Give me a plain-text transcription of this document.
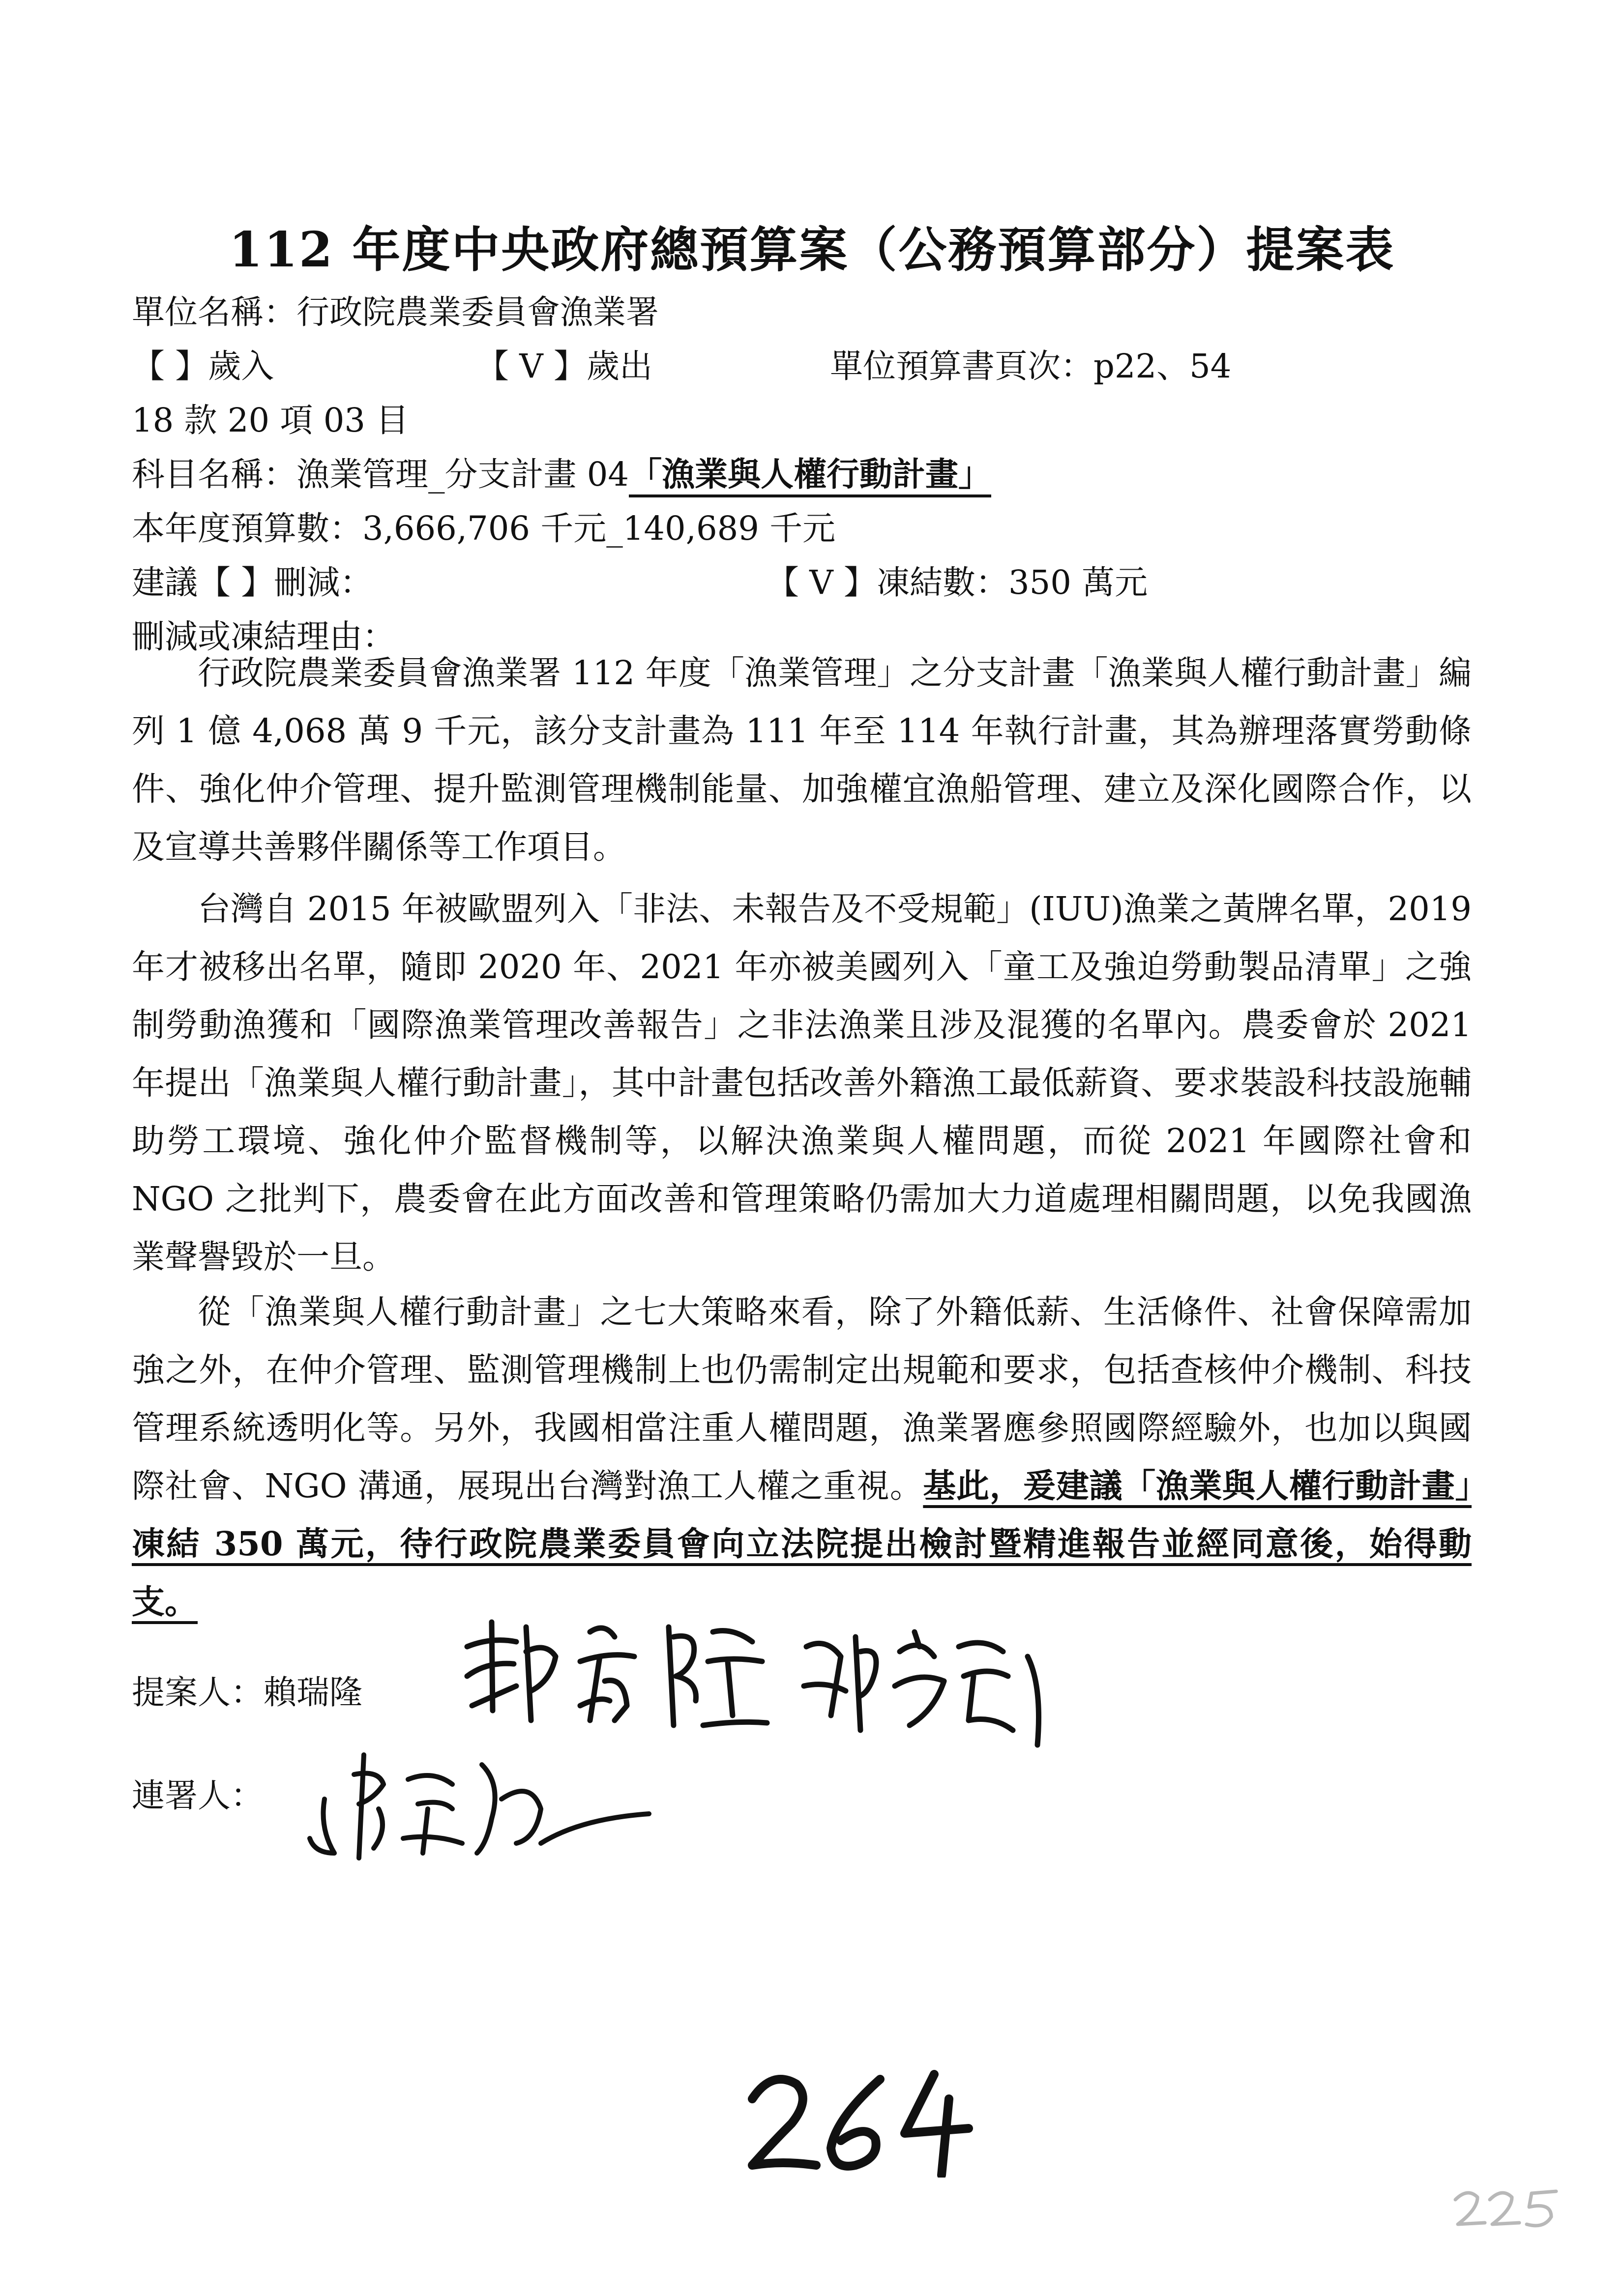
112 年度中央政府總預算案（公務預算部分）提案表
單位名稱：行政院農業委員會漁業署
【 】歲入	【 V 】歲出	單位預算書頁次：p22、54
18 款 20 項 03 目
科目名稱：漁業管理_分支計畫 04「漁業與人權行動計畫」
本年度預算數：3,666,706 千元_140,689 千元
建議【 】刪減：	【 V 】凍結數：350 萬元
刪減或凍結理由：

行政院農業委員會漁業署 112 年度「漁業管理」之分支計畫「漁業與人權行動計畫」編列 1 億 4,068 萬 9 千元，該分支計畫為 111 年至 114 年執行計畫，其為辦理落實勞動條件、強化仲介管理、提升監測管理機制能量、加強權宜漁船管理、建立及深化國際合作，以及宣導共善夥伴關係等工作項目。

台灣自 2015 年被歐盟列入「非法、未報告及不受規範」(IUU)漁業之黃牌名單，2019 年才被移出名單，隨即 2020 年、2021 年亦被美國列入「童工及強迫勞動製品清單」之強制勞動漁獲和「國際漁業管理改善報告」之非法漁業且涉及混獲的名單內。農委會於 2021 年提出「漁業與人權行動計畫」，其中計畫包括改善外籍漁工最低薪資、要求裝設科技設施輔助勞工環境、強化仲介監督機制等，以解決漁業與人權問題，而從 2021 年國際社會和 NGO 之批判下，農委會在此方面改善和管理策略仍需加大力道處理相關問題，以免我國漁業聲譽毀於一旦。

從「漁業與人權行動計畫」之七大策略來看，除了外籍低薪、生活條件、社會保障需加強之外，在仲介管理、監測管理機制上也仍需制定出規範和要求，包括查核仲介機制、科技管理系統透明化等。另外，我國相當注重人權問題，漁業署應參照國際經驗外，也加以與國際社會、NGO 溝通，展現出台灣對漁工人權之重視。基此，爰建議「漁業與人權行動計畫」凍結 350 萬元，待行政院農業委員會向立法院提出檢討暨精進報告並經同意後，始得動支。

提案人：賴瑞隆
連署人：
